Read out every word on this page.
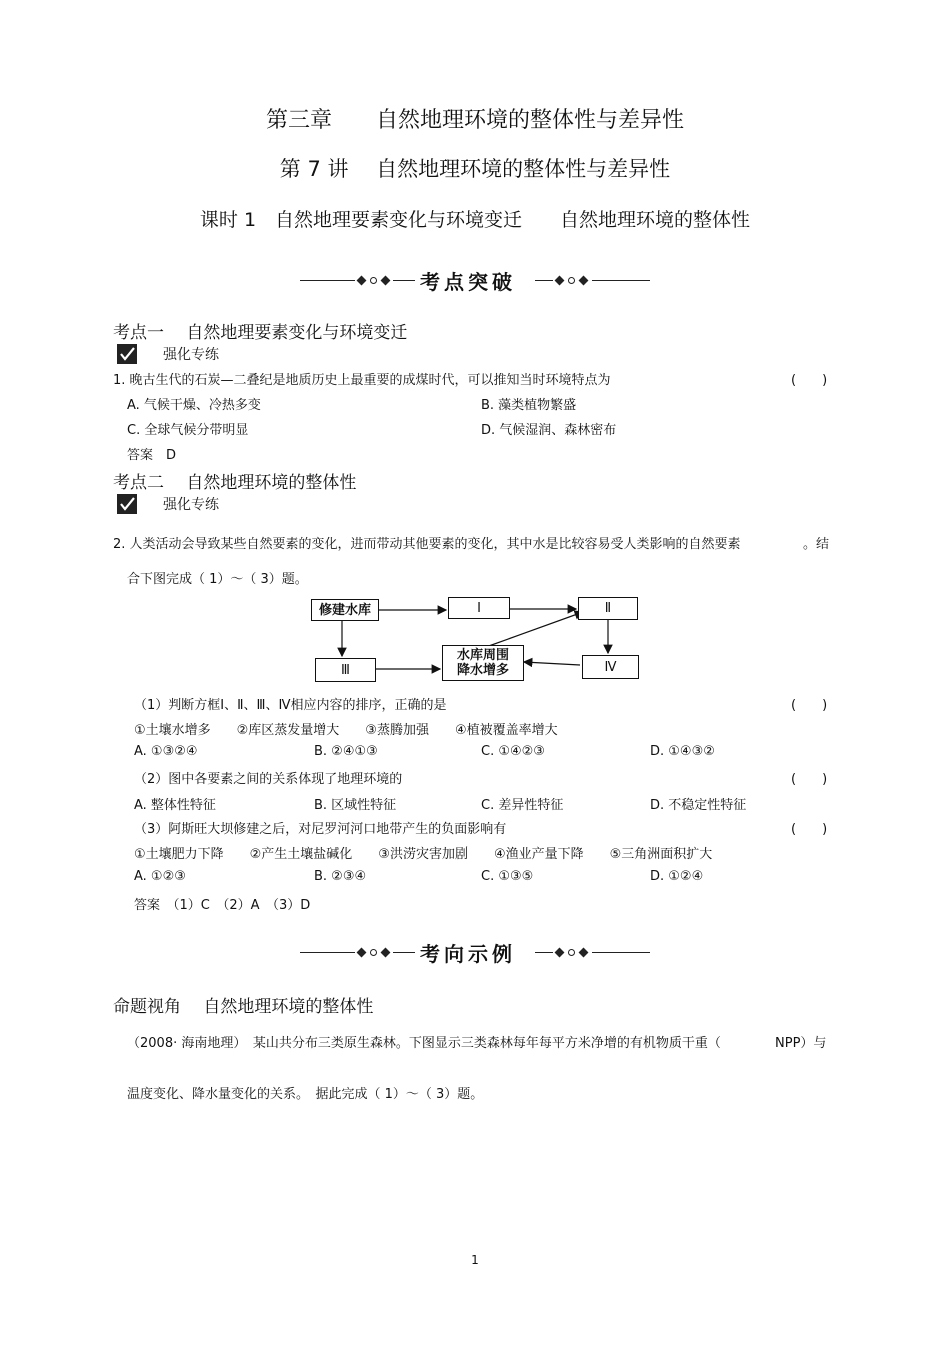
第三章　　自然地理环境的整体性与差异性
第 7 讲　 自然地理环境的整体性与差异性
课时 1　自然地理要素变化与环境变迁　　自然地理环境的整体性
考点突破
考点一　 自然地理要素变化与环境变迁
强化专练
1. 晚古生代的石炭—二叠纪是地质历史上最重要的成煤时代，可以推知当时环境特点为	(　　)
A. 气候干燥、冷热多变	B. 藻类植物繁盛
C. 全球气候分带明显	D. 气候湿润、森林密布
答案　D
考点二　 自然地理环境的整体性
强化专练
2. 人类活动会导致某些自然要素的变化，进而带动其他要素的变化，其中水是比较容易受人类影响的自然要素	。结
合下图完成（ 1）～（ 3）题。
修建水库	Ⅰ	Ⅱ
Ⅲ	Ⅳ
水库周围
降水增多
（1）判断方框Ⅰ、Ⅱ、Ⅲ、Ⅳ相应内容的排序，正确的是	(　　)
①土壤水增多　　②库区蒸发量增大　　③蒸腾加强　　④植被覆盖率增大
A. ①③②④	B. ②④①③	C. ①④②③	D. ①④③②
（2）图中各要素之间的关系体现了地理环境的	(　　)
A. 整体性特征	B. 区域性特征	C. 差异性特征	D. 不稳定性特征
（3）阿斯旺大坝修建之后，对尼罗河河口地带产生的负面影响有	(　　)
①土壤肥力下降　　②产生土壤盐碱化　　③洪涝灾害加剧　　④渔业产量下降　　⑤三角洲面积扩大
A. ①②③	B. ②③④	C. ①③⑤	D. ①②④
答案　（1）C　（2）A　（3）D
考向示例
命题视角　 自然地理环境的整体性
（2008· 海南地理）　某山共分布三类原生森林。下图显示三类森林每年每平方米净增的有机物质干重（	NPP）与
温度变化、降水量变化的关系。　据此完成（ 1）～（ 3）题。
1
